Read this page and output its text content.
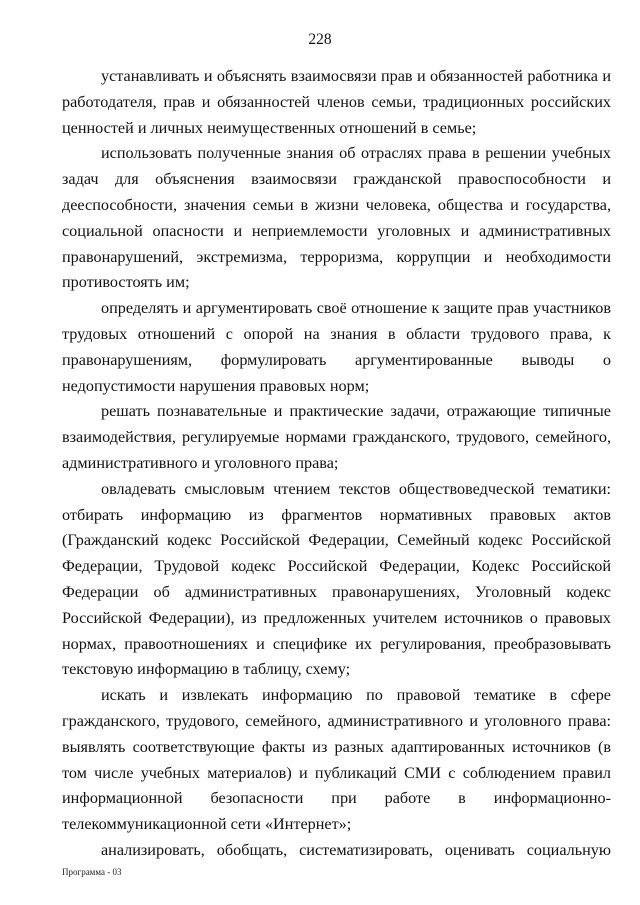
228

устанавливать и объяснять взаимосвязи прав и обязанностей работника и работодателя, прав и обязанностей членов семьи, традиционных российских ценностей и личных неимущественных отношений в семье;

использовать полученные знания об отраслях права в решении учебных задач для объяснения взаимосвязи гражданской правоспособности и дееспособности, значения семьи в жизни человека, общества и государства, социальной опасности и неприемлемости уголовных и административных правонарушений, экстремизма, терроризма, коррупции и необходимости противостоять им;

определять и аргументировать своё отношение к защите прав участников трудовых отношений с опорой на знания в области трудового права, к правонарушениям, формулировать аргументированные выводы о недопустимости нарушения правовых норм;

решать познавательные и практические задачи, отражающие типичные взаимодействия, регулируемые нормами гражданского, трудового, семейного, административного и уголовного права;

овладевать смысловым чтением текстов обществоведческой тематики: отбирать информацию из фрагментов нормативных правовых актов (Гражданский кодекс Российской Федерации, Семейный кодекс Российской Федерации, Трудовой кодекс Российской Федерации, Кодекс Российской Федерации об административных правонарушениях, Уголовный кодекс Российской Федерации), из предложенных учителем источников о правовых нормах, правоотношениях и специфике их регулирования, преобразовывать текстовую информацию в таблицу, схему;

искать и извлекать информацию по правовой тематике в сфере гражданского, трудового, семейного, административного и уголовного права: выявлять соответствующие факты из разных адаптированных источников (в том числе учебных материалов) и публикаций СМИ с соблюдением правил информационной безопасности при работе в информационно-телекоммуникационной сети «Интернет»;

анализировать, обобщать, систематизировать, оценивать социальную

Программа - 03
